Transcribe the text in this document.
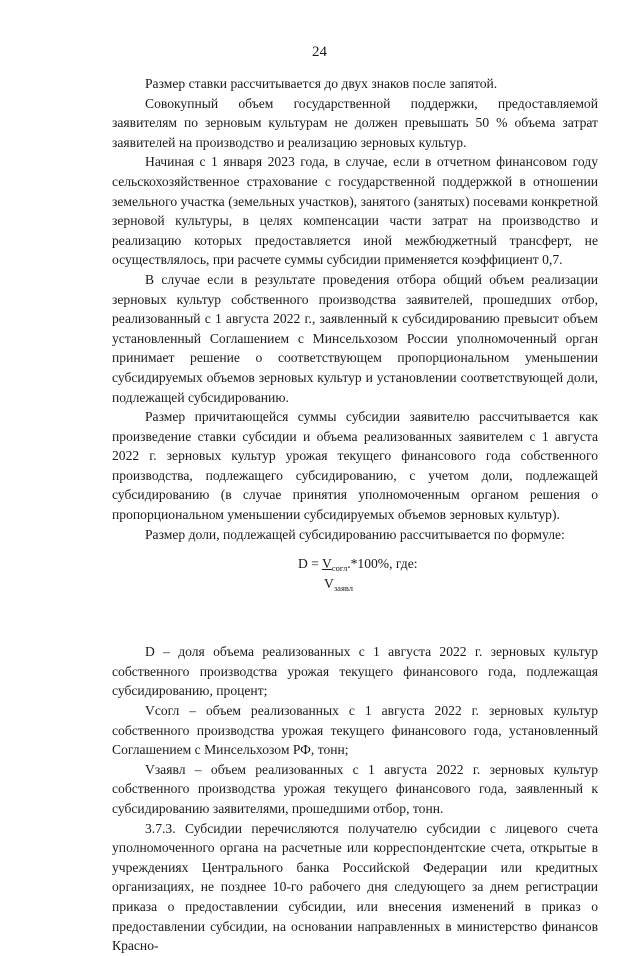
24

Размер ставки рассчитывается до двух знаков после запятой.

Совокупный объем государственной поддержки, предоставляемой заявителям по зерновым культурам не должен превышать 50 % объема затрат заявителей на производство и реализацию зерновых культур.

Начиная с 1 января 2023 года, в случае, если в отчетном финансовом году сельскохозяйственное страхование с государственной поддержкой в отношении земельного участка (земельных участков), занятого (занятых) посевами конкретной зерновой культуры, в целях компенсации части затрат на производство и реализацию которых предоставляется иной межбюджетный трансферт, не осуществлялось, при расчете суммы субсидии применяется коэффициент 0,7.

В случае если в результате проведения отбора общий объем реализации зерновых культур собственного производства заявителей, прошедших отбор, реализованный с 1 августа 2022 г., заявленный к субсидированию превысит объем установленный Соглашением с Минсельхозом России уполномоченный орган принимает решение о соответствующем пропорциональном уменьшении субсидируемых объемов зерновых культур и установлении соответствующей доли, подлежащей субсидированию.

Размер причитающейся суммы субсидии заявителю рассчитывается как произведение ставки субсидии и объема реализованных заявителем с 1 августа 2022 г. зерновых культур урожая текущего финансового года собственного производства, подлежащего субсидированию, с учетом доли, подлежащей субсидированию (в случае принятия уполномоченным органом решения о пропорциональном уменьшении субсидируемых объемов зерновых культур).

Размер доли, подлежащей субсидированию рассчитывается по формуле:

$D = V_{согл}.*100\%$, где:
$V_{заявл}$

D – доля объема реализованных с 1 августа 2022 г. зерновых культур собственного производства урожая текущего финансового года, подлежащая субсидированию, процент;

Vсогл – объем реализованных с 1 августа 2022 г. зерновых культур собственного производства урожая текущего финансового года, установленный Соглашением с Минсельхозом РФ, тонн;

Vзаявл – объем реализованных с 1 августа 2022 г. зерновых культур собственного производства урожая текущего финансового года, заявленный к субсидированию заявителями, прошедшими отбор, тонн.

3.7.3. Субсидии перечисляются получателю субсидии с лицевого счета уполномоченного органа на расчетные или корреспондентские счета, открытые в учреждениях Центрального банка Российской Федерации или кредитных организациях, не позднее 10-го рабочего дня следующего за днем регистрации приказа о предоставлении субсидии, или внесения изменений в приказ о предоставлении субсидии, на основании направленных в министерство финансов Красно-
